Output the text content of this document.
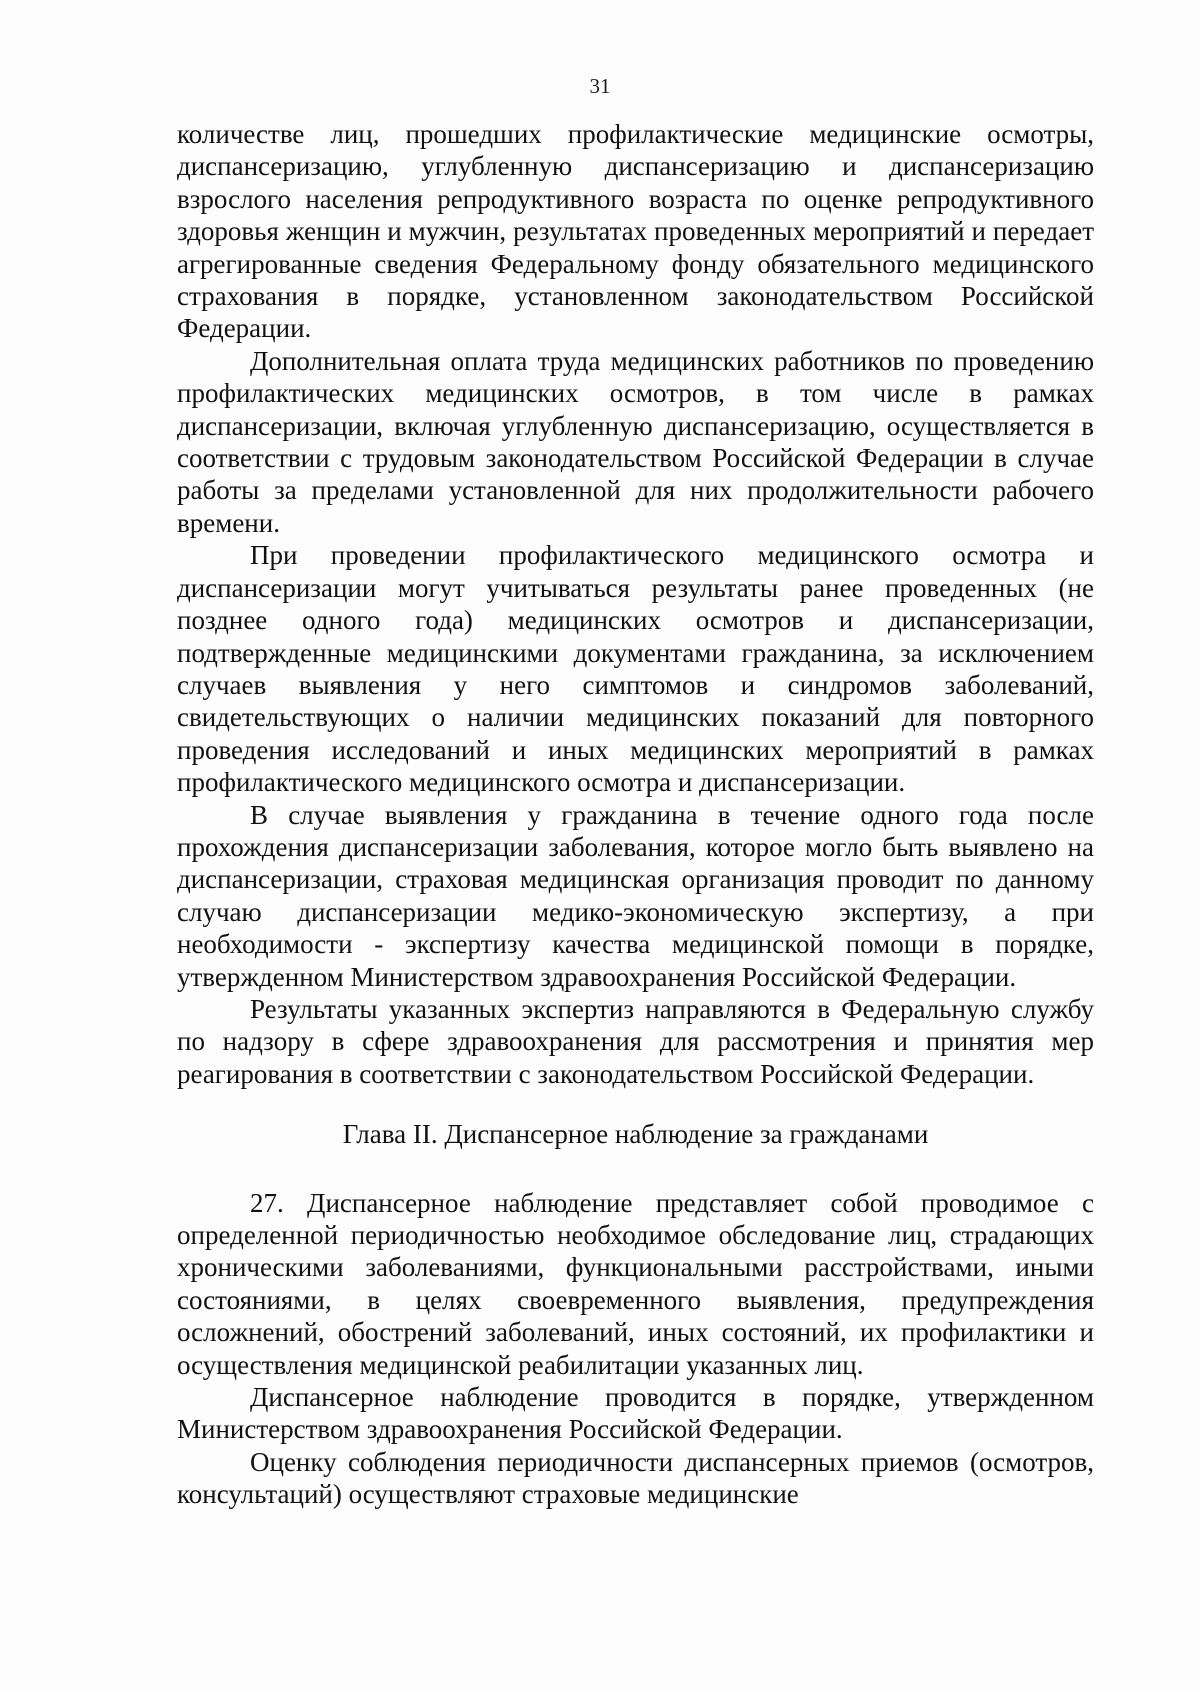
31

количестве лиц, прошедших профилактические медицинские осмотры, диспансеризацию, углубленную диспансеризацию и диспансеризацию взрослого населения репродуктивного возраста по оценке репродуктивного здоровья женщин и мужчин, результатах проведенных мероприятий и передает агрегированные сведения Федеральному фонду обязательного медицинского страхования в порядке, установленном законодательством Российской Федерации.

Дополнительная оплата труда медицинских работников по проведению профилактических медицинских осмотров, в том числе в рамках диспансеризации, включая углубленную диспансеризацию, осуществляется в соответствии с трудовым законодательством Российской Федерации в случае работы за пределами установленной для них продолжительности рабочего времени.

При проведении профилактического медицинского осмотра и диспансеризации могут учитываться результаты ранее проведенных (не позднее одного года) медицинских осмотров и диспансеризации, подтвержденные медицинскими документами гражданина, за исключением случаев выявления у него симптомов и синдромов заболеваний, свидетельствующих о наличии медицинских показаний для повторного проведения исследований и иных медицинских мероприятий в рамках профилактического медицинского осмотра и диспансеризации.

В случае выявления у гражданина в течение одного года после прохождения диспансеризации заболевания, которое могло быть выявлено на диспансеризации, страховая медицинская организация проводит по данному случаю диспансеризации медико-экономическую экспертизу, а при необходимости - экспертизу качества медицинской помощи в порядке, утвержденном Министерством здравоохранения Российской Федерации.

Результаты указанных экспертиз направляются в Федеральную службу по надзору в сфере здравоохранения для рассмотрения и принятия мер реагирования в соответствии с законодательством Российской Федерации.

Глава II. Диспансерное наблюдение за гражданами

27. Диспансерное наблюдение представляет собой проводимое с определенной периодичностью необходимое обследование лиц, страдающих хроническими заболеваниями, функциональными расстройствами, иными состояниями, в целях своевременного выявления, предупреждения осложнений, обострений заболеваний, иных состояний, их профилактики и осуществления медицинской реабилитации указанных лиц.

Диспансерное наблюдение проводится в порядке, утвержденном Министерством здравоохранения Российской Федерации.

Оценку соблюдения периодичности диспансерных приемов (осмотров, консультаций) осуществляют страховые медицинские
